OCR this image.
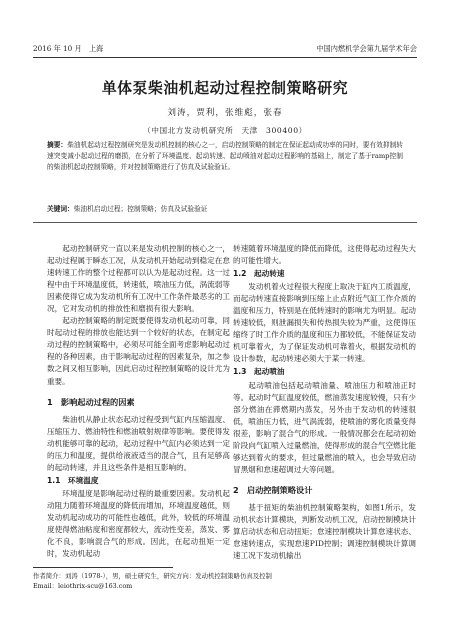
2016 年 10 月　上海	中国内燃机学会第九届学术年会
单体泵柴油机起动过程控制策略研究
刘涛，贾利，张维彪，张春
（中国北方发动机研究所　天津　300400）
摘要：柴油机起动过程控制研究是发动机控制的核心之一，启动控制策略的制定在保证起动成功率的同时，要有效抑制转速突变减小起动过程的磨损，在分析了环境温度、起动转速、起动喷油对起动过程影响的基础上，制定了基于ramp控制的柴油机起动控制策略，并对控制策略进行了仿真及试验验证。
关键词：柴油机启动过程；控制策略；仿真及试验验证

起动控制研究一直以来是发动机控制的核心之一，起动过程属于瞬态工况，从发动机开始起动到稳定在怠速转速工作的整个过程都可以认为是起动过程。这一过程中由于环境温度低，转速低，喷油压力低，涡流弱等因素使得它成为发动机所有工况中工作条件最恶劣的工况，它对发动机的排放性和磨损有很大影响。

起动控制策略的制定既要使得发动机起动可靠，同时起动过程的排放也能达到一个较好的状态，在制定起动过程的控制策略中，必须尽可能全面考虑影响起动过程的各种因素，由于影响起动过程的因素复杂，加之参数之间又相互影响，因此启动过程控制策略的设计尤为重要。

1　影响起动过程的因素

柴油机从静止状态起动过程受到气缸内压缩温度、压缩压力、燃油特性和燃油喷射规律等影响。要使得发动机能够可靠的起动，起动过程中气缸内必须达到一定的压力和温度，提供给液液适当的混合气，且有足够高的起动转速，并且这些条件是相互影响的。

1.1　环境温度

环境温度是影响起动过程的最重要因素。发动机起动阻力随着环境温度的降低而增加，环境温度越低，则发动机起动成功的可能性也越低，此外，较低的环境温度使得燃油粘度和密度都较大，流动性变差，蒸发、雾化不良，影响混合气的形成。因此，在起动扭矩一定时，发动机起动

转速随着环境温度的降低而降低，这使得起动过程失大的可能性增大。

1.2　起动转速

发动机着火过程很大程度上取决于缸内工质温度，而起动转速直接影响到压缩上止点附近气缸工作介质的温度和压力，特别是在低转速时的影响尤为明显。起动转速较低，则泄漏损失和传热损失较为严重，这使得压缩终了时工作介质的温度和压力都较低，不能保证发动机可靠着火，为了保证发动机可靠着火，根据发动机的设计参数，起动转速必须大于某一转速。

1.3　起动喷油

起动喷油包括起动喷油量、喷油压力和喷油正时等。起动时气缸温度较低，燃油蒸发速度较慢，只有少部分燃油在滞燃期内蒸发，另外由于发动机的转速很低，喷油压力低，进气涡流弱，使喷油的雾化质量变得很差，影响了混合气的形成。一般情况都会在起动初始阶段向气缸喷入过量燃油，使得形成的混合气空燃比能够达到着火的要求，但过量燃油的喷入，也会导致启动冒黑烟和怠速超调过大等问题。

2　启动控制策略设计

基于扭矩的柴油机控制策略架构，如图1所示，发动机状态计算模块，判断发动机工况，启动控制模块计算启动状态和启动扭矩；怠速控制模块计算怠速状态、怠速转速点，实现怠速PID控制；调速控制模块计算调速工况下发动机输出

作者简介：刘涛（1978-），男，硕士研究生，研究方向：发动机控制策略仿真及控制
Email：leiothrix-scu@163.com
